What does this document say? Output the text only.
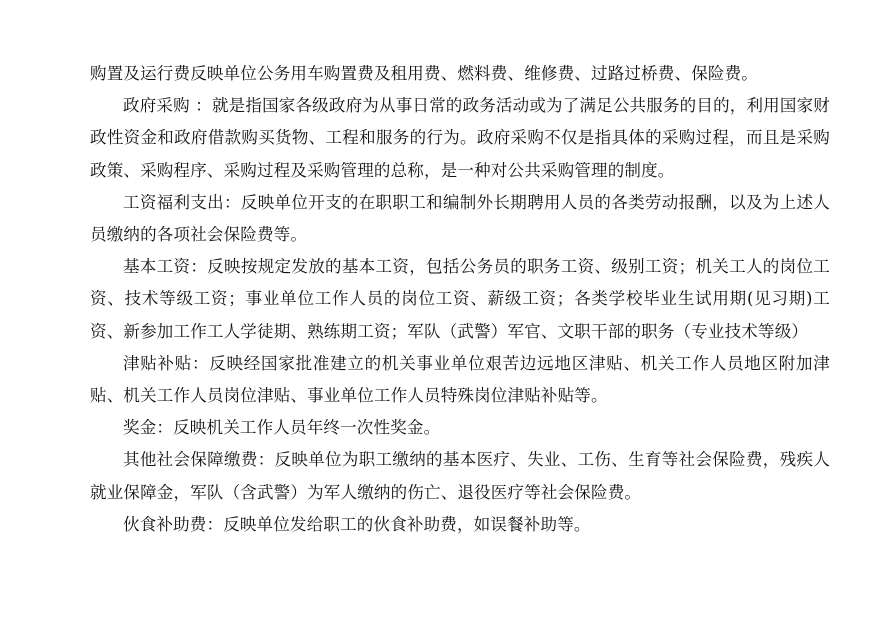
购置及运行费反映单位公务用车购置费及租用费、燃料费、维修费、过路过桥费、保险费。

政府采购 ：就是指国家各级政府为从事日常的政务活动或为了满足公共服务的目的，利用国家财政性资金和政府借款购买货物、工程和服务的行为。政府采购不仅是指具体的采购过程，而且是采购政策、采购程序、采购过程及采购管理的总称，是一种对公共采购管理的制度。

工资福利支出：反映单位开支的在职职工和编制外长期聘用人员的各类劳动报酬，以及为上述人员缴纳的各项社会保险费等。

基本工资：反映按规定发放的基本工资，包括公务员的职务工资、级别工资；机关工人的岗位工资、技术等级工资；事业单位工作人员的岗位工资、薪级工资；各类学校毕业生试用期(见习期)工资、新参加工作工人学徒期、熟练期工资；军队（武警）军官、文职干部的职务（专业技术等级）

津贴补贴：反映经国家批准建立的机关事业单位艰苦边远地区津贴、机关工作人员地区附加津贴、机关工作人员岗位津贴、事业单位工作人员特殊岗位津贴补贴等。

奖金：反映机关工作人员年终一次性奖金。

其他社会保障缴费：反映单位为职工缴纳的基本医疗、失业、工伤、生育等社会保险费，残疾人就业保障金，军队（含武警）为军人缴纳的伤亡、退役医疗等社会保险费。

伙食补助费：反映单位发给职工的伙食补助费，如误餐补助等。
